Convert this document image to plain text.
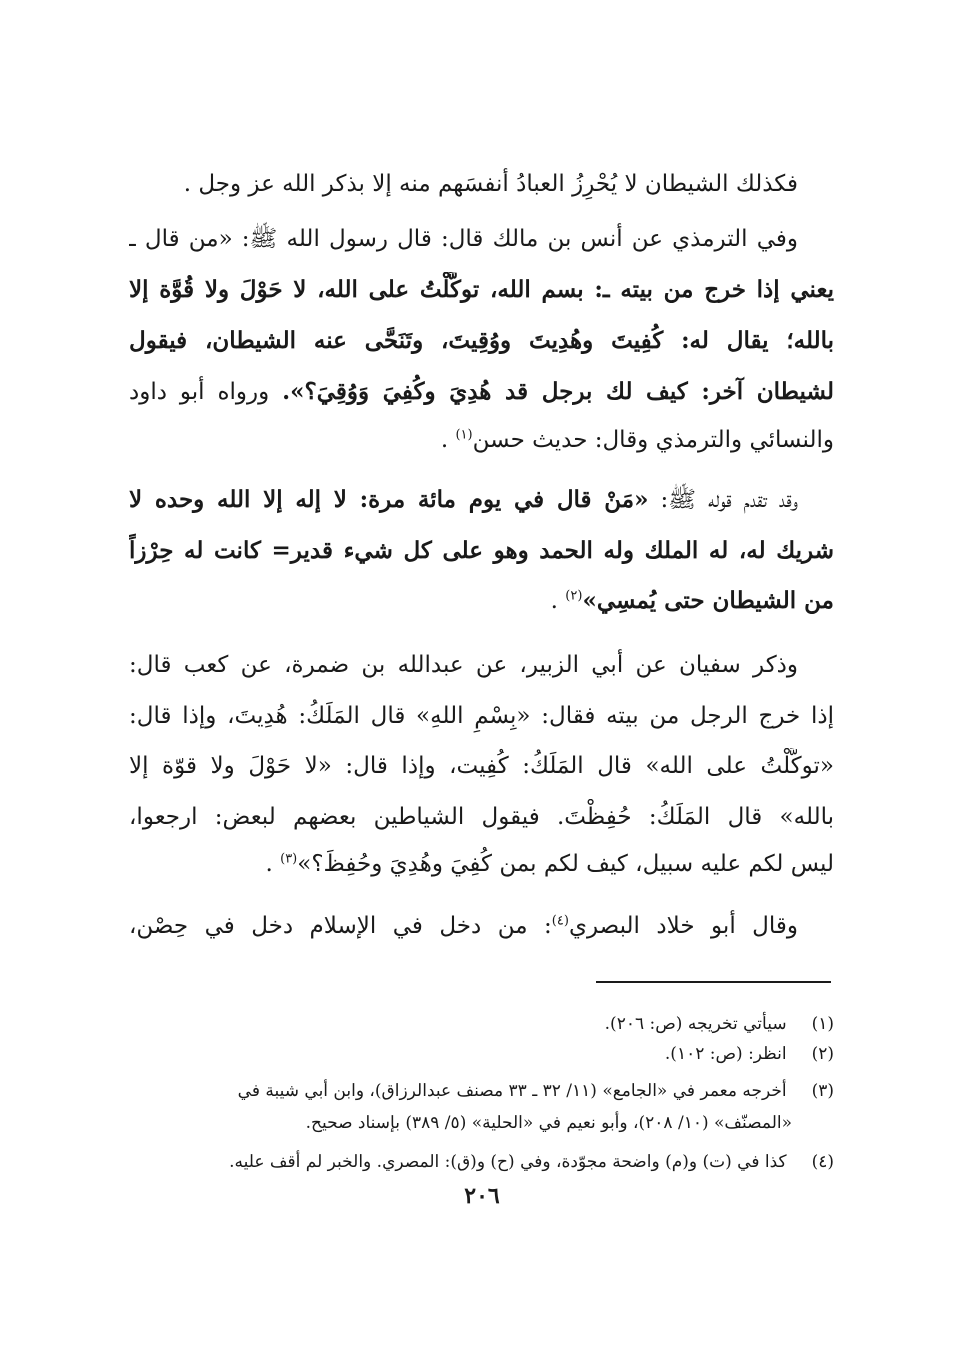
فكذلك الشيطان لا يُحْرِزُ العبادُ أنفسَهم منه إلا بذكر الله عز وجل .
وفي الترمذي عن أنس بن مالك قال: قال رسول الله ﷺ: «من قال ـ
يعني إذا خرج من بيته ـ: بسم الله، توكَّلْتُ على الله، لا حَوْلَ ولا قُوَّة إلا
بالله؛ يقال له: كُفِيتَ وهُدِيتَ ووُقِيتَ، وتَنَحَّى عنه الشيطان، فيقول
لشيطان آخر: كيف لك برجل قد هُدِيَ وكُفِيَ وَوُقِيَ؟». ورواه أبو داود
والنسائي والترمذي وقال: حديث حسن$^{(١)}$ .
وقد تقدم قوله ﷺ: «مَنْ قال في يوم مائة مرة: لا إله إلا الله وحده لا
شريك له، له الملك وله الحمد وهو على كل شيء قدير= كانت له حِرْزاً
من الشيطان حتى يُمسِي»$^{(٢)}$ .
وذكر سفيان عن أبي الزبير، عن عبدالله بن ضمرة، عن كعب قال:
إذا خرج الرجل من بيته فقال: «بِسْمِ اللهِ» قال المَلَكُ: هُدِيتَ، وإذا قال:
«توكَّلْتُ على الله» قال المَلَكُ: كُفِيت، وإذا قال: «لا حَوْلَ ولا قوّة إلا
بالله» قال المَلَكُ: حُفِظْتَ. فيقول الشياطين بعضهم لبعض: ارجعوا،
ليس لكم عليه سبيل، كيف لكم بمن كُفِيَ وهُدِيَ وحُفِظَ؟»$^{(٣)}$ .
وقال أبو خلاد البصري$^{(٤)}$: من دخل في الإسلام دخل في حِصْن،
(١) سيأتي تخريجه (ص: ٢٠٦).
(٢) انظر: (ص: ١٠٢).
(٣) أخرجه معمر في «الجامع» (١١/ ٣٢ ـ ٣٣ مصنف عبدالرزاق)، وابن أبي شيبة في
«المصنّف» (١٠/ ٢٠٨)، وأبو نعيم في «الحلية» (٥/ ٣٨٩) بإسناد صحيح.
(٤) كذا في (ت) و(م) واضحة مجوّدة، وفي (ح) و(ق): المصري. والخبر لم أقف عليه.
٢٠٦
